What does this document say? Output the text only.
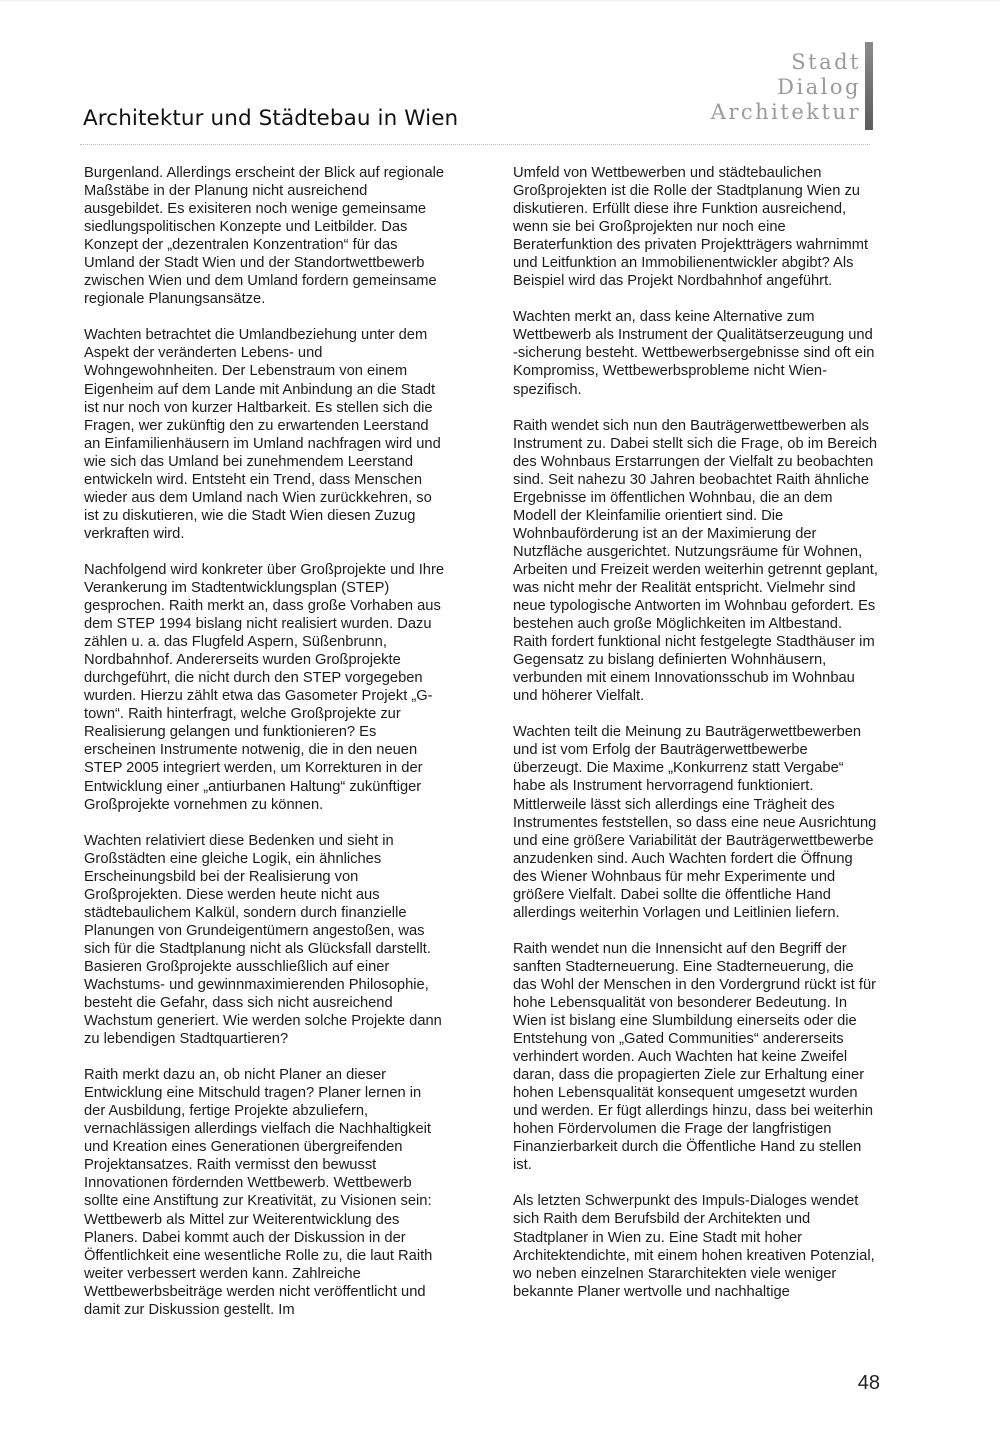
Architektur und Städtebau in Wien
Stadt
Dialog
Architektur

Burgenland. Allerdings erscheint der Blick auf regionale Maßstäbe in der Planung nicht ausreichend ausgebildet. Es exisiteren noch wenige gemeinsame siedlungspolitischen Konzepte und Leitbilder. Das Konzept der „dezentralen Konzentration“ für das Umland der Stadt Wien und der Standortwettbewerb zwischen Wien und dem Umland fordern gemeinsame regionale Planungsansätze.

Wachten betrachtet die Umlandbeziehung unter dem Aspekt der veränderten Lebens- und Wohngewohnheiten. Der Lebenstraum von einem Eigenheim auf dem Lande mit Anbindung an die Stadt ist nur noch von kurzer Haltbarkeit. Es stellen sich die Fragen, wer zukünftig den zu erwartenden Leerstand an Einfamilienhäusern im Umland nachfragen wird und wie sich das Umland bei zunehmendem Leerstand entwickeln wird. Entsteht ein Trend, dass Menschen wieder aus dem Umland nach Wien zurückkehren, so ist zu diskutieren, wie die Stadt Wien diesen Zuzug verkraften wird.

Nachfolgend wird konkreter über Großprojekte und Ihre Verankerung im Stadtentwicklungsplan (STEP) gesprochen. Raith merkt an, dass große Vorhaben aus dem STEP 1994 bislang nicht realisiert wurden. Dazu zählen u. a. das Flugfeld Aspern, Süßenbrunn, Nordbahnhof. Andererseits wurden Großprojekte durchgeführt, die nicht durch den STEP vorgegeben wurden. Hierzu zählt etwa das Gasometer Projekt „G-town“. Raith hinterfragt, welche Großprojekte zur Realisierung gelangen und funktionieren? Es erscheinen Instrumente notwenig, die in den neuen STEP 2005 integriert werden, um Korrekturen in der Entwicklung einer „antiurbanen Haltung“ zukünftiger Großprojekte vornehmen zu können.

Wachten relativiert diese Bedenken und sieht in Großstädten eine gleiche Logik, ein ähnliches Erscheinungsbild bei der Realisierung von Großprojekten. Diese werden heute nicht aus städtebaulichem Kalkül, sondern durch finanzielle Planungen von Grundeigentümern angestoßen, was sich für die Stadtplanung nicht als Glücksfall darstellt. Basieren Großprojekte ausschließlich auf einer Wachstums- und gewinnmaximierenden Philosophie, besteht die Gefahr, dass sich nicht ausreichend Wachstum generiert. Wie werden solche Projekte dann zu lebendigen Stadtquartieren?

Raith merkt dazu an, ob nicht Planer an dieser Entwicklung eine Mitschuld tragen? Planer lernen in der Ausbildung, fertige Projekte abzuliefern, vernachlässigen allerdings vielfach die Nachhaltigkeit und Kreation eines Generationen übergreifenden Projektansatzes. Raith vermisst den bewusst Innovationen fördernden Wettbewerb. Wettbewerb sollte eine Anstiftung zur Kreativität, zu Visionen sein: Wettbewerb als Mittel zur Weiterentwicklung des Planers. Dabei kommt auch der Diskussion in der Öffentlichkeit eine wesentliche Rolle zu, die laut Raith weiter verbessert werden kann. Zahlreiche Wettbewerbsbeiträge werden nicht veröffentlicht und damit zur Diskussion gestellt. Im

Umfeld von Wettbewerben und städtebaulichen Großprojekten ist die Rolle der Stadtplanung Wien zu diskutieren. Erfüllt diese ihre Funktion ausreichend, wenn sie bei Großprojekten nur noch eine Beraterfunktion des privaten Projektträgers wahrnimmt und Leitfunktion an Immobilienentwickler abgibt? Als Beispiel wird das Projekt Nordbahnhof angeführt.

Wachten merkt an, dass keine Alternative zum Wettbewerb als Instrument der Qualitätserzeugung und -sicherung besteht. Wettbewerbsergebnisse sind oft ein Kompromiss, Wettbewerbsprobleme nicht Wien-spezifisch.

Raith wendet sich nun den Bauträgerwettbewerben als Instrument zu. Dabei stellt sich die Frage, ob im Bereich des Wohnbaus Erstarrungen der Vielfalt zu beobachten sind. Seit nahezu 30 Jahren beobachtet Raith ähnliche Ergebnisse im öffentlichen Wohnbau, die an dem Modell der Kleinfamilie orientiert sind. Die Wohnbauförderung ist an der Maximierung der Nutzfläche ausgerichtet. Nutzungsräume für Wohnen, Arbeiten und Freizeit werden weiterhin getrennt geplant, was nicht mehr der Realität entspricht. Vielmehr sind neue typologische Antworten im Wohnbau gefordert. Es bestehen auch große Möglichkeiten im Altbestand. Raith fordert funktional nicht festgelegte Stadthäuser im Gegensatz zu bislang definierten Wohnhäusern, verbunden mit einem Innovationsschub im Wohnbau und höherer Vielfalt.

Wachten teilt die Meinung zu Bauträgerwettbewerben und ist vom Erfolg der Bauträgerwettbewerbe überzeugt. Die Maxime „Konkurrenz statt Vergabe“ habe als Instrument hervorragend funktioniert. Mittlerweile lässt sich allerdings eine Trägheit des Instrumentes feststellen, so dass eine neue Ausrichtung und eine größere Variabilität der Bauträgerwettbewerbe anzudenken sind. Auch Wachten fordert die Öffnung des Wiener Wohnbaus für mehr Experimente und größere Vielfalt. Dabei sollte die öffentliche Hand allerdings weiterhin Vorlagen und Leitlinien liefern.

Raith wendet nun die Innensicht auf den Begriff der sanften Stadterneuerung. Eine Stadterneuerung, die das Wohl der Menschen in den Vordergrund rückt ist für hohe Lebensqualität von besonderer Bedeutung. In Wien ist bislang eine Slumbildung einerseits oder die Entstehung von „Gated Communities“ andererseits verhindert worden. Auch Wachten hat keine Zweifel daran, dass die propagierten Ziele zur Erhaltung einer hohen Lebensqualität konsequent umgesetzt wurden und werden. Er fügt allerdings hinzu, dass bei weiterhin hohen Fördervolumen die Frage der langfristigen Finanzierbarkeit durch die Öffentliche Hand zu stellen ist.

Als letzten Schwerpunkt des Impuls-Dialoges wendet sich Raith dem Berufsbild der Architekten und Stadtplaner in Wien zu. Eine Stadt mit hoher Architektendichte, mit einem hohen kreativen Potenzial, wo neben einzelnen Stararchitekten viele weniger bekannte Planer wertvolle und nachhaltige

48
